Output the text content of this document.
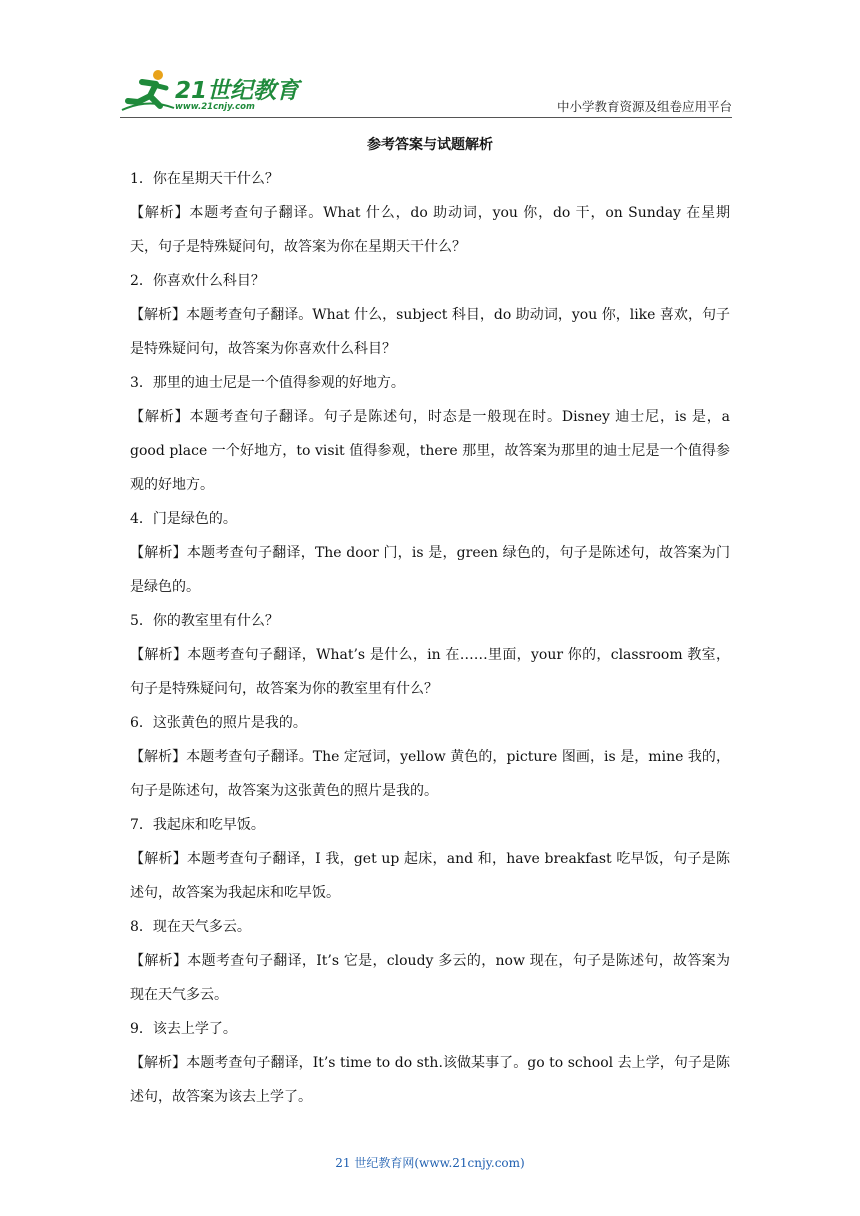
21世纪教育
www.21cnjy.com	中小学教育资源及组卷应用平台
参考答案与试题解析

1．你在星期天干什么？

【解析】本题考查句子翻译。What 什么，do 助动词，you 你，do 干，on Sunday 在星期天，句子是特殊疑问句，故答案为你在星期天干什么？

2．你喜欢什么科目？

【解析】本题考查句子翻译。What 什么，subject 科目，do 助动词，you 你，like 喜欢，句子是特殊疑问句，故答案为你喜欢什么科目？

3．那里的迪士尼是一个值得参观的好地方。

【解析】本题考查句子翻译。句子是陈述句，时态是一般现在时。Disney 迪士尼，is 是，a good place 一个好地方，to visit 值得参观，there 那里，故答案为那里的迪士尼是一个值得参观的好地方。

4．门是绿色的。

【解析】本题考查句子翻译，The door 门，is 是，green 绿色的，句子是陈述句，故答案为门是绿色的。

5．你的教室里有什么？

【解析】本题考查句子翻译，What’s 是什么，in 在……里面，your 你的，classroom 教室，句子是特殊疑问句，故答案为你的教室里有什么？

6．这张黄色的照片是我的。

【解析】本题考查句子翻译。The 定冠词，yellow 黄色的，picture 图画，is 是，mine 我的，句子是陈述句，故答案为这张黄色的照片是我的。

7．我起床和吃早饭。

【解析】本题考查句子翻译，I 我，get up 起床，and 和，have breakfast 吃早饭，句子是陈述句，故答案为我起床和吃早饭。

8．现在天气多云。

【解析】本题考查句子翻译，It’s 它是，cloudy 多云的，now 现在，句子是陈述句，故答案为现在天气多云。

9．该去上学了。

【解析】本题考查句子翻译，It’s time to do sth.该做某事了。go to school 去上学，句子是陈述句，故答案为该去上学了。

21 世纪教育网(www.21cnjy.com)
